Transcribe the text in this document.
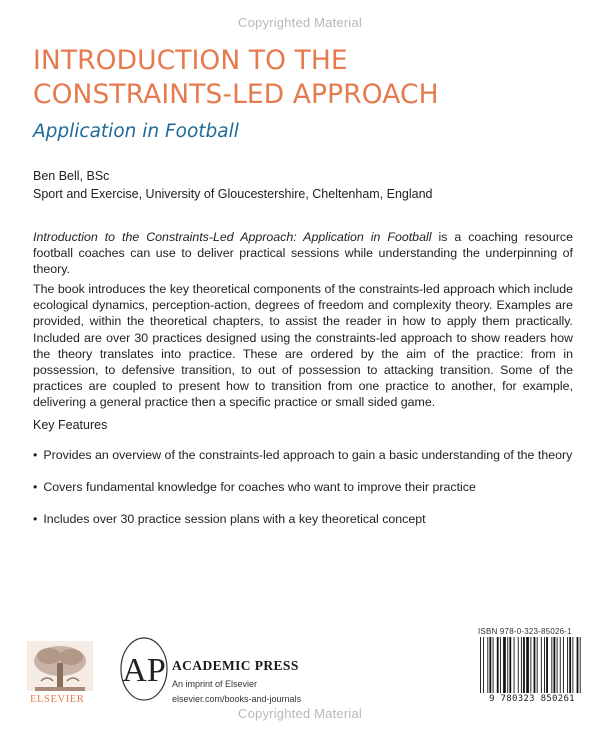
Copyrighted Material
INTRODUCTION TO THE
CONSTRAINTS-LED APPROACH
Application in Football
Ben Bell, BSc
Sport and Exercise, University of Gloucestershire, Cheltenham, England

Introduction to the Constraints-Led Approach: Application in Football is a coaching resource football coaches can use to deliver practical sessions while understanding the underpinning of theory.

The book introduces the key theoretical components of the constraints-led approach which include ecological dynamics, perception-action, degrees of freedom and complexity theory. Examples are provided, within the theoretical chapters, to assist the reader in how to apply them practically. Included are over 30 practices designed using the constraints-led approach to show readers how the theory translates into practice. These are ordered by the aim of the practice: from in possession, to defensive transition, to out of possession to attacking transition. Some of the practices are coupled to present how to transition from one practice to another, for example, delivering a general practice then a specific practice or small sided game.

Key Features
• Provides an overview of the constraints-led approach to gain a basic understanding of the theory
• Covers fundamental knowledge for coaches who want to improve their practice
• Includes over 30 practice session plans with a key theoretical concept
ELSEVIER
AP ACADEMIC PRESS
An imprint of Elsevier
elsevier.com/books-and-journals
ISBN 978-0-323-85026-1
9 780323 850261
Copyrighted Material
